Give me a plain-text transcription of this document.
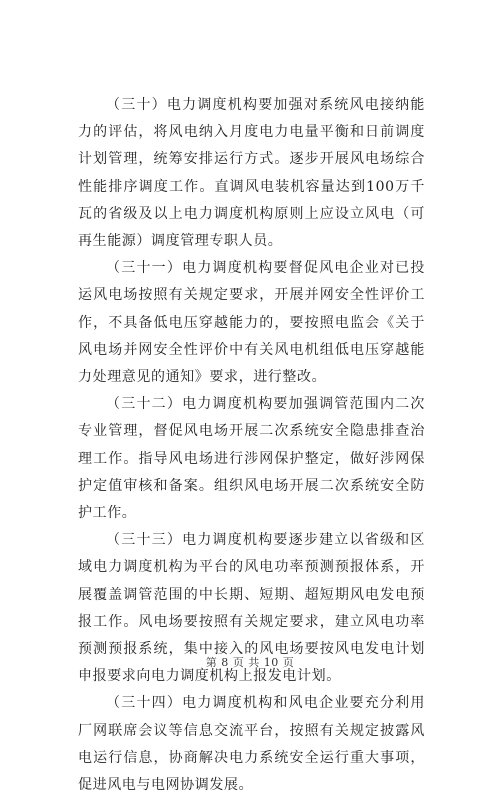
（三十）电力调度机构要加强对系统风电接纳能力的评估，将风电纳入月度电力电量平衡和日前调度计划管理，统筹安排运行方式。逐步开展风电场综合性能排序调度工作。直调风电装机容量达到100万千瓦的省级及以上电力调度机构原则上应设立风电（可再生能源）调度管理专职人员。

（三十一）电力调度机构要督促风电企业对已投运风电场按照有关规定要求，开展并网安全性评价工作，不具备低电压穿越能力的，要按照电监会《关于风电场并网安全性评价中有关风电机组低电压穿越能力处理意见的通知》要求，进行整改。

（三十二）电力调度机构要加强调管范围内二次专业管理，督促风电场开展二次系统安全隐患排查治理工作。指导风电场进行涉网保护整定，做好涉网保护定值审核和备案。组织风电场开展二次系统安全防护工作。

（三十三）电力调度机构要逐步建立以省级和区域电力调度机构为平台的风电功率预测预报体系，开展覆盖调管范围的中长期、短期、超短期风电发电预报工作。风电场要按照有关规定要求，建立风电功率预测预报系统，集中接入的风电场要按风电发电计划申报要求向电力调度机构上报发电计划。

（三十四）电力调度机构和风电企业要充分利用厂网联席会议等信息交流平台，按照有关规定披露风电运行信息，协商解决电力系统安全运行重大事项，促进风电与电网协调发展。

第 8 页 共 10 页
